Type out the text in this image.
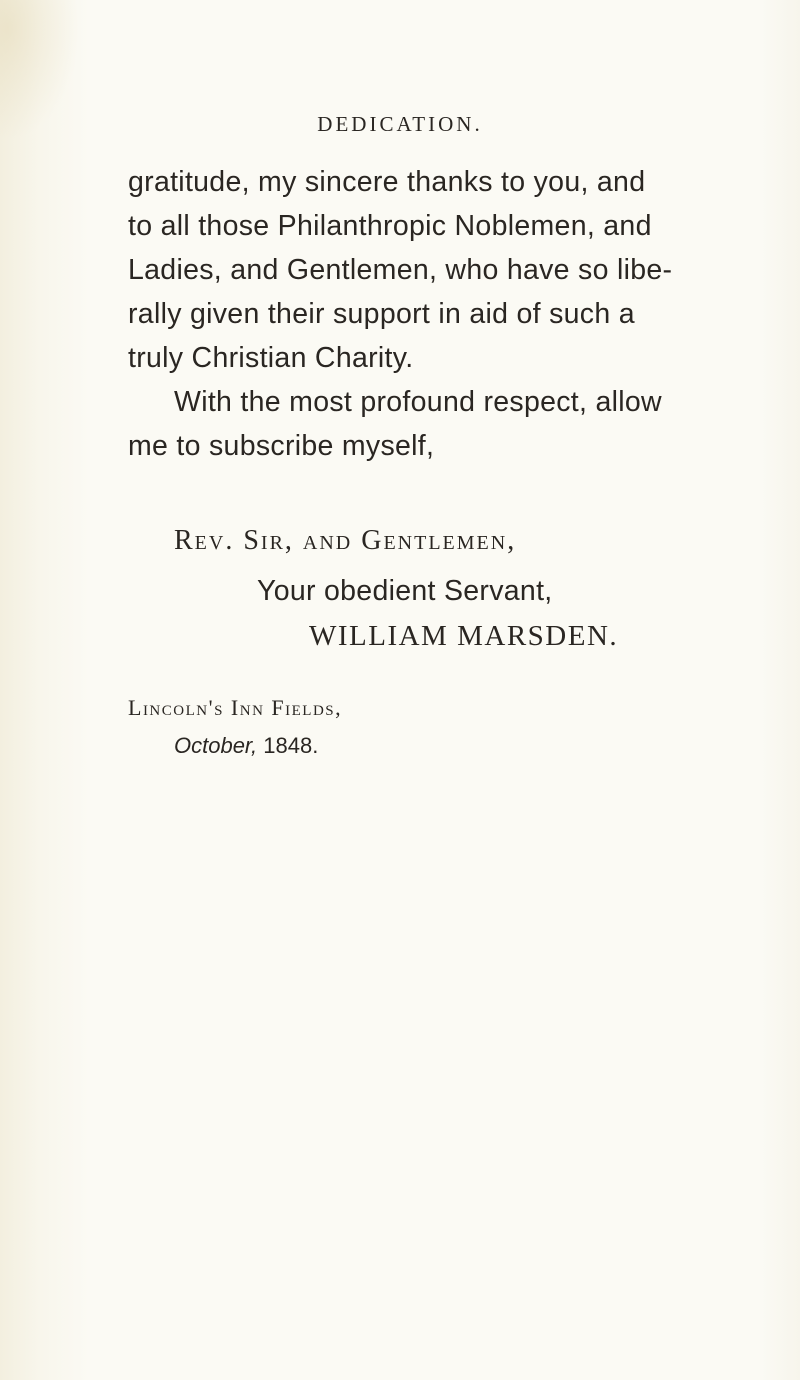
DEDICATION.
gratitude, my sincere thanks to you, and
to all those Philanthropic Noblemen, and
Ladies, and Gentlemen, who have so libe-
rally given their support in aid of such a
truly Christian Charity.
With the most profound respect, allow
me to subscribe myself,
Rev. Sir, and Gentlemen,
Your obedient Servant,
WILLIAM MARSDEN.
Lincoln's Inn Fields,
October, 1848.
